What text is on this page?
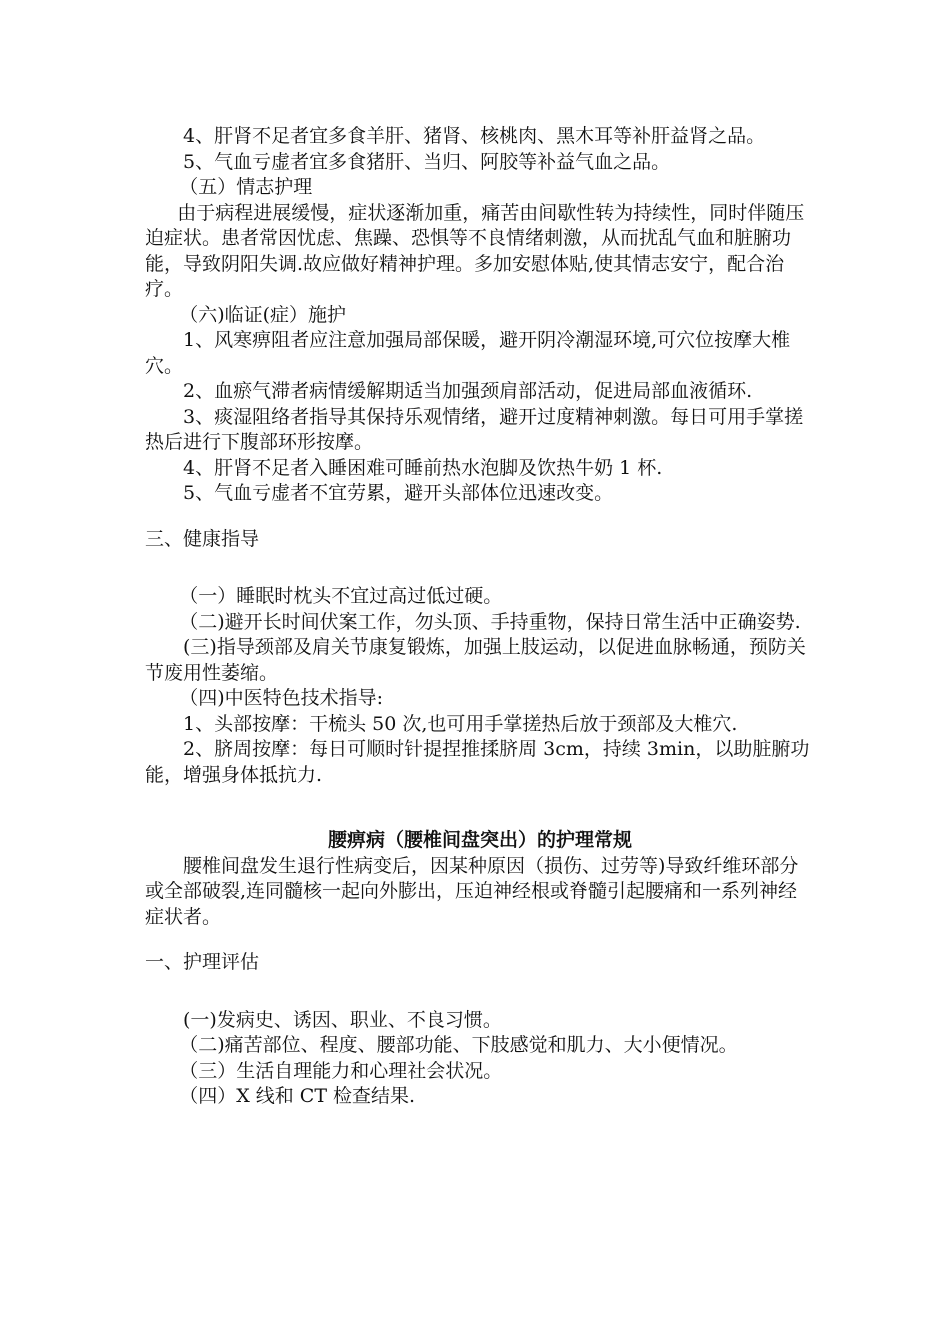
4、肝肾不足者宜多食羊肝、猪肾、核桃肉、黑木耳等补肝益肾之品。

5、气血亏虚者宜多食猪肝、当归、阿胶等补益气血之品。

（五）情志护理

由于病程进展缓慢，症状逐渐加重，痛苦由间歇性转为持续性，同时伴随压迫症状。患者常因忧虑、焦躁、恐惧等不良情绪刺激，从而扰乱气血和脏腑功能，导致阴阳失调.故应做好精神护理。多加安慰体贴,使其情志安宁，配合治疗。

（六)临证(症）施护

1、风寒痹阻者应注意加强局部保暖，避开阴冷潮湿环境,可穴位按摩大椎穴。

2、血瘀气滞者病情缓解期适当加强颈肩部活动，促进局部血液循环.

3、痰湿阻络者指导其保持乐观情绪，避开过度精神刺激。每日可用手掌搓热后进行下腹部环形按摩。

4、肝肾不足者入睡困难可睡前热水泡脚及饮热牛奶 1 杯.

5、气血亏虚者不宜劳累，避开头部体位迅速改变。

三、健康指导

（一）睡眠时枕头不宜过高过低过硬。

（二)避开长时间伏案工作，勿头顶、手持重物，保持日常生活中正确姿势.

(三)指导颈部及肩关节康复锻炼，加强上肢运动，以促进血脉畅通，预防关节废用性萎缩。

（四)中医特色技术指导:

1、头部按摩：干梳头 50 次,也可用手掌搓热后放于颈部及大椎穴.

2、脐周按摩：每日可顺时针提捏推揉脐周 3cm，持续 3min，以助脏腑功能，增强身体抵抗力.

腰痹病（腰椎间盘突出）的护理常规

腰椎间盘发生退行性病变后，因某种原因（损伤、过劳等)导致纤维环部分或全部破裂,连同髓核一起向外膨出，压迫神经根或脊髓引起腰痛和一系列神经症状者。

一、护理评估

(一)发病史、诱因、职业、不良习惯。

（二)痛苦部位、程度、腰部功能、下肢感觉和肌力、大小便情况。

（三）生活自理能力和心理社会状况。

（四）X 线和 CT 检查结果.
